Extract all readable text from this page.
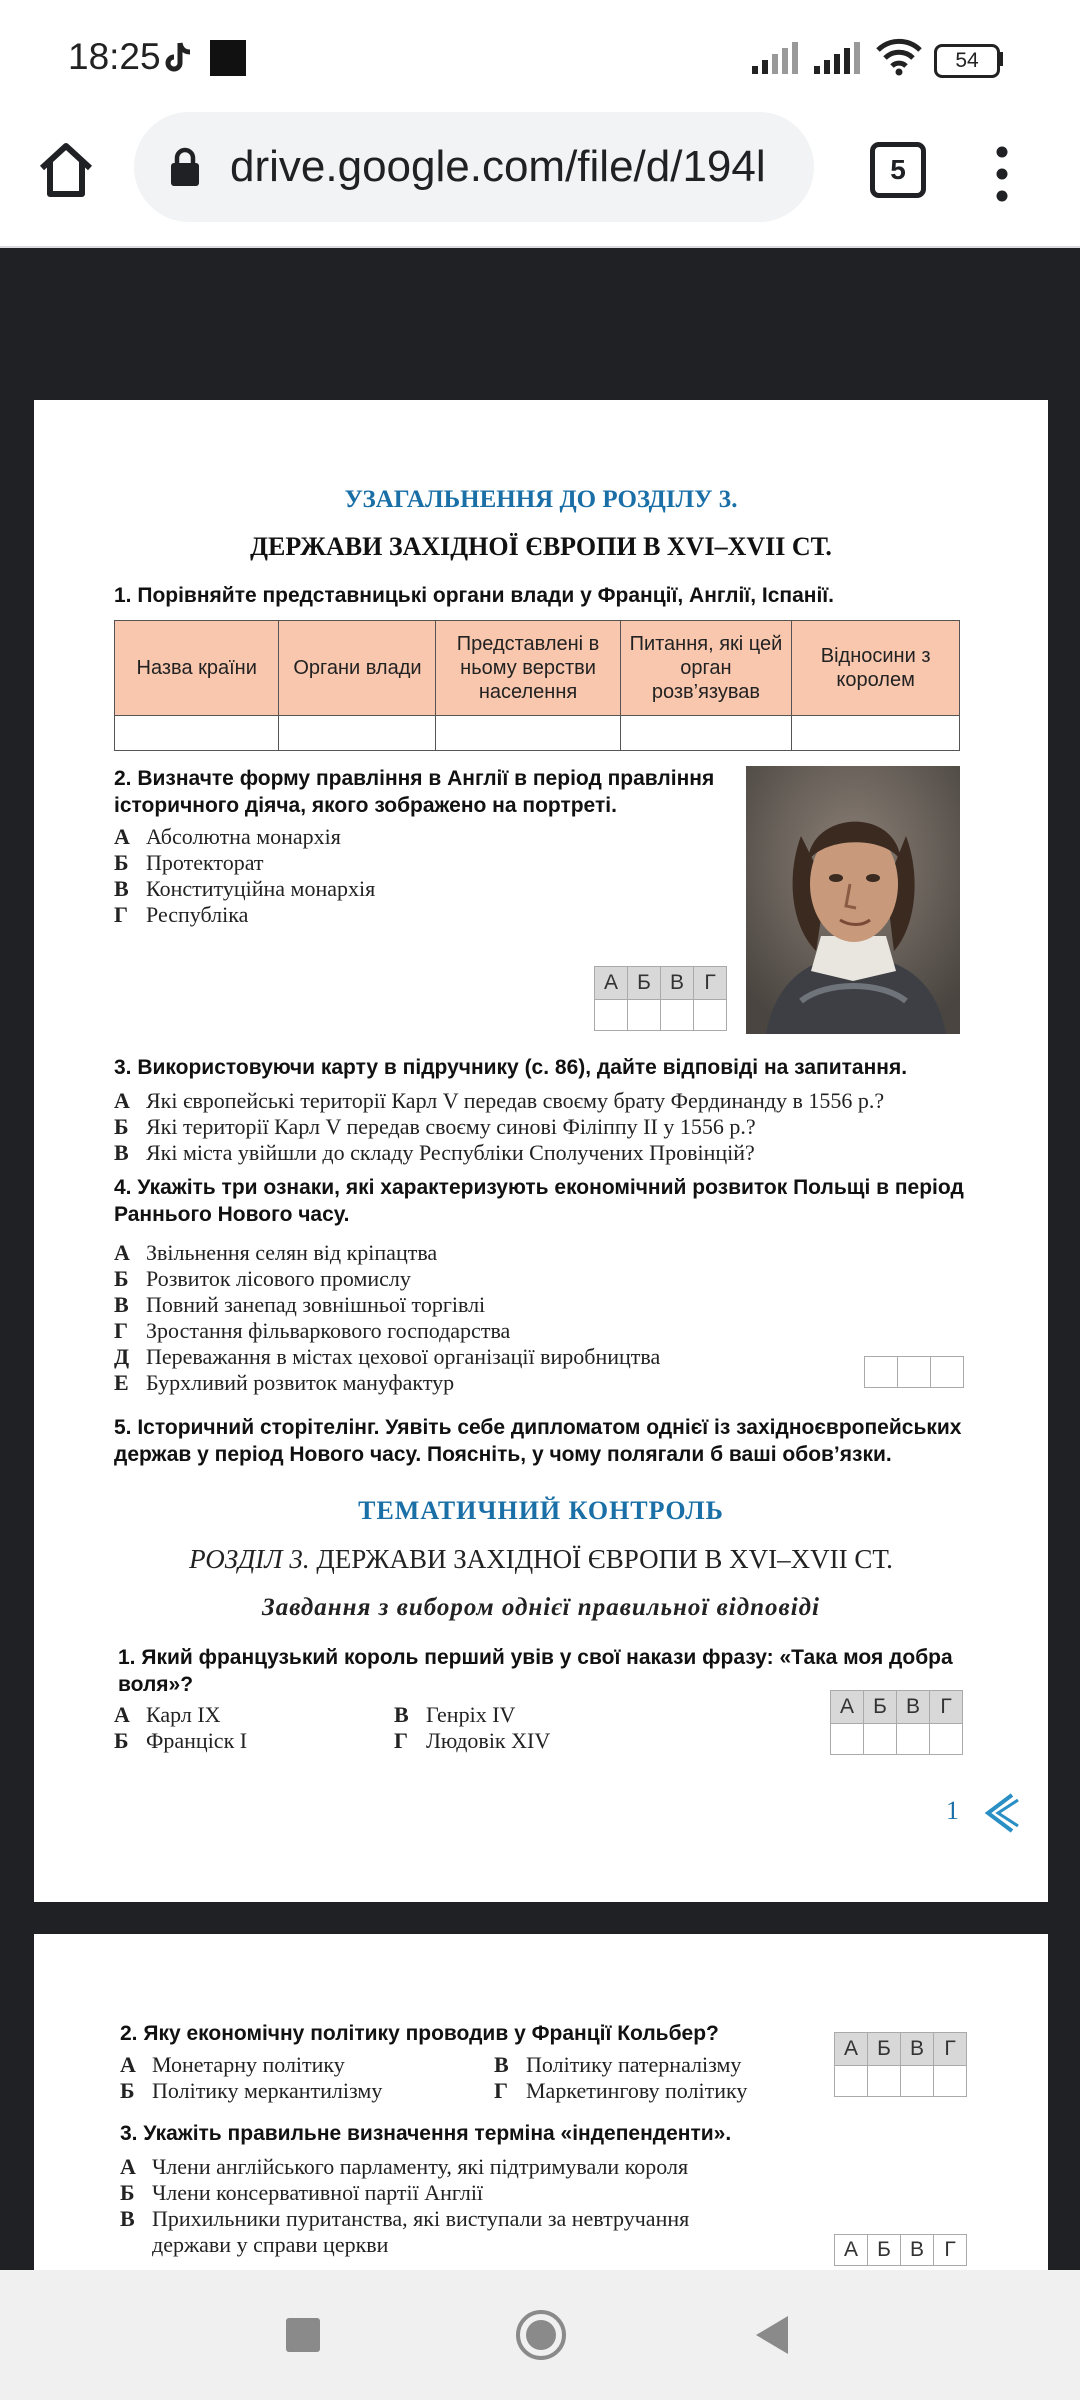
18:25	54
drive.google.com/file/d/194l	5
УЗАГАЛЬНЕННЯ ДО РОЗДІЛУ 3.
ДЕРЖАВИ ЗАХІДНОЇ ЄВРОПИ В XVI–XVII СТ.
1. Порівняйте представницькі органи влади у Франції, Англії, Іспанії.
Назва країни	Органи влади	Представлені в ньому верстви населення	Питання, які цей орган розв’язував	Відносини з королем

2. Визначте форму правління в Англії в період правління історичного діяча, якого зображено на портреті.
А Абсолютна монархія
Б Протекторат
В Конституційна монархія
Г Республіка
А	Б	В	Г

3. Використовуючи карту в підручнику (с. 86), дайте відповіді на запитання.
А Які європейські території Карл V передав своєму брату Фердинанду в 1556 р.?
Б Які території Карл V передав своєму синові Філіппу II у 1556 р.?
В Які міста увійшли до складу Республіки Сполучених Провінцій?
4. Укажіть три ознаки, які характеризують економічний розвиток Польщі в період Раннього Нового часу.
А Звільнення селян від кріпацтва
Б Розвиток лісового промислу
В Повний занепад зовнішньої торгівлі
Г Зростання фільваркового господарства
Д Переважання в містах цехової організації виробництва
Е Бурхливий розвиток мануфактур

5. Історичний сторітелінг. Уявіть себе дипломатом однієї із західноєвропейських держав у період Нового часу. Поясніть, у чому полягали б ваші обов’язки.
ТЕМАТИЧНИЙ КОНТРОЛЬ
РОЗДІЛ 3. ДЕРЖАВИ ЗАХІДНОЇ ЄВРОПИ В XVI–XVII СТ.
Завдання з вибором однієї правильної відповіді
1. Який французький король перший увів у свої накази фразу: «Така моя добра воля»?
А Карл IX	В Генріх IV
Б Франціск I	Г Людовік XIV
А	Б	В	Г

1
2. Яку економічну політику проводив у Франції Кольбер?
А Монетарну політику	В Політику патерналізму
Б Політику меркантилізму	Г Маркетингову політику
А	Б	В	Г

3. Укажіть правильне визначення терміна «індепенденти».
А Члени англійського парламенту, які підтримували короля
Б Члени консервативної партії Англії
В Прихильники пуританства, які виступали за невтручання
держави у справи церкви	А	Б	В	Г
